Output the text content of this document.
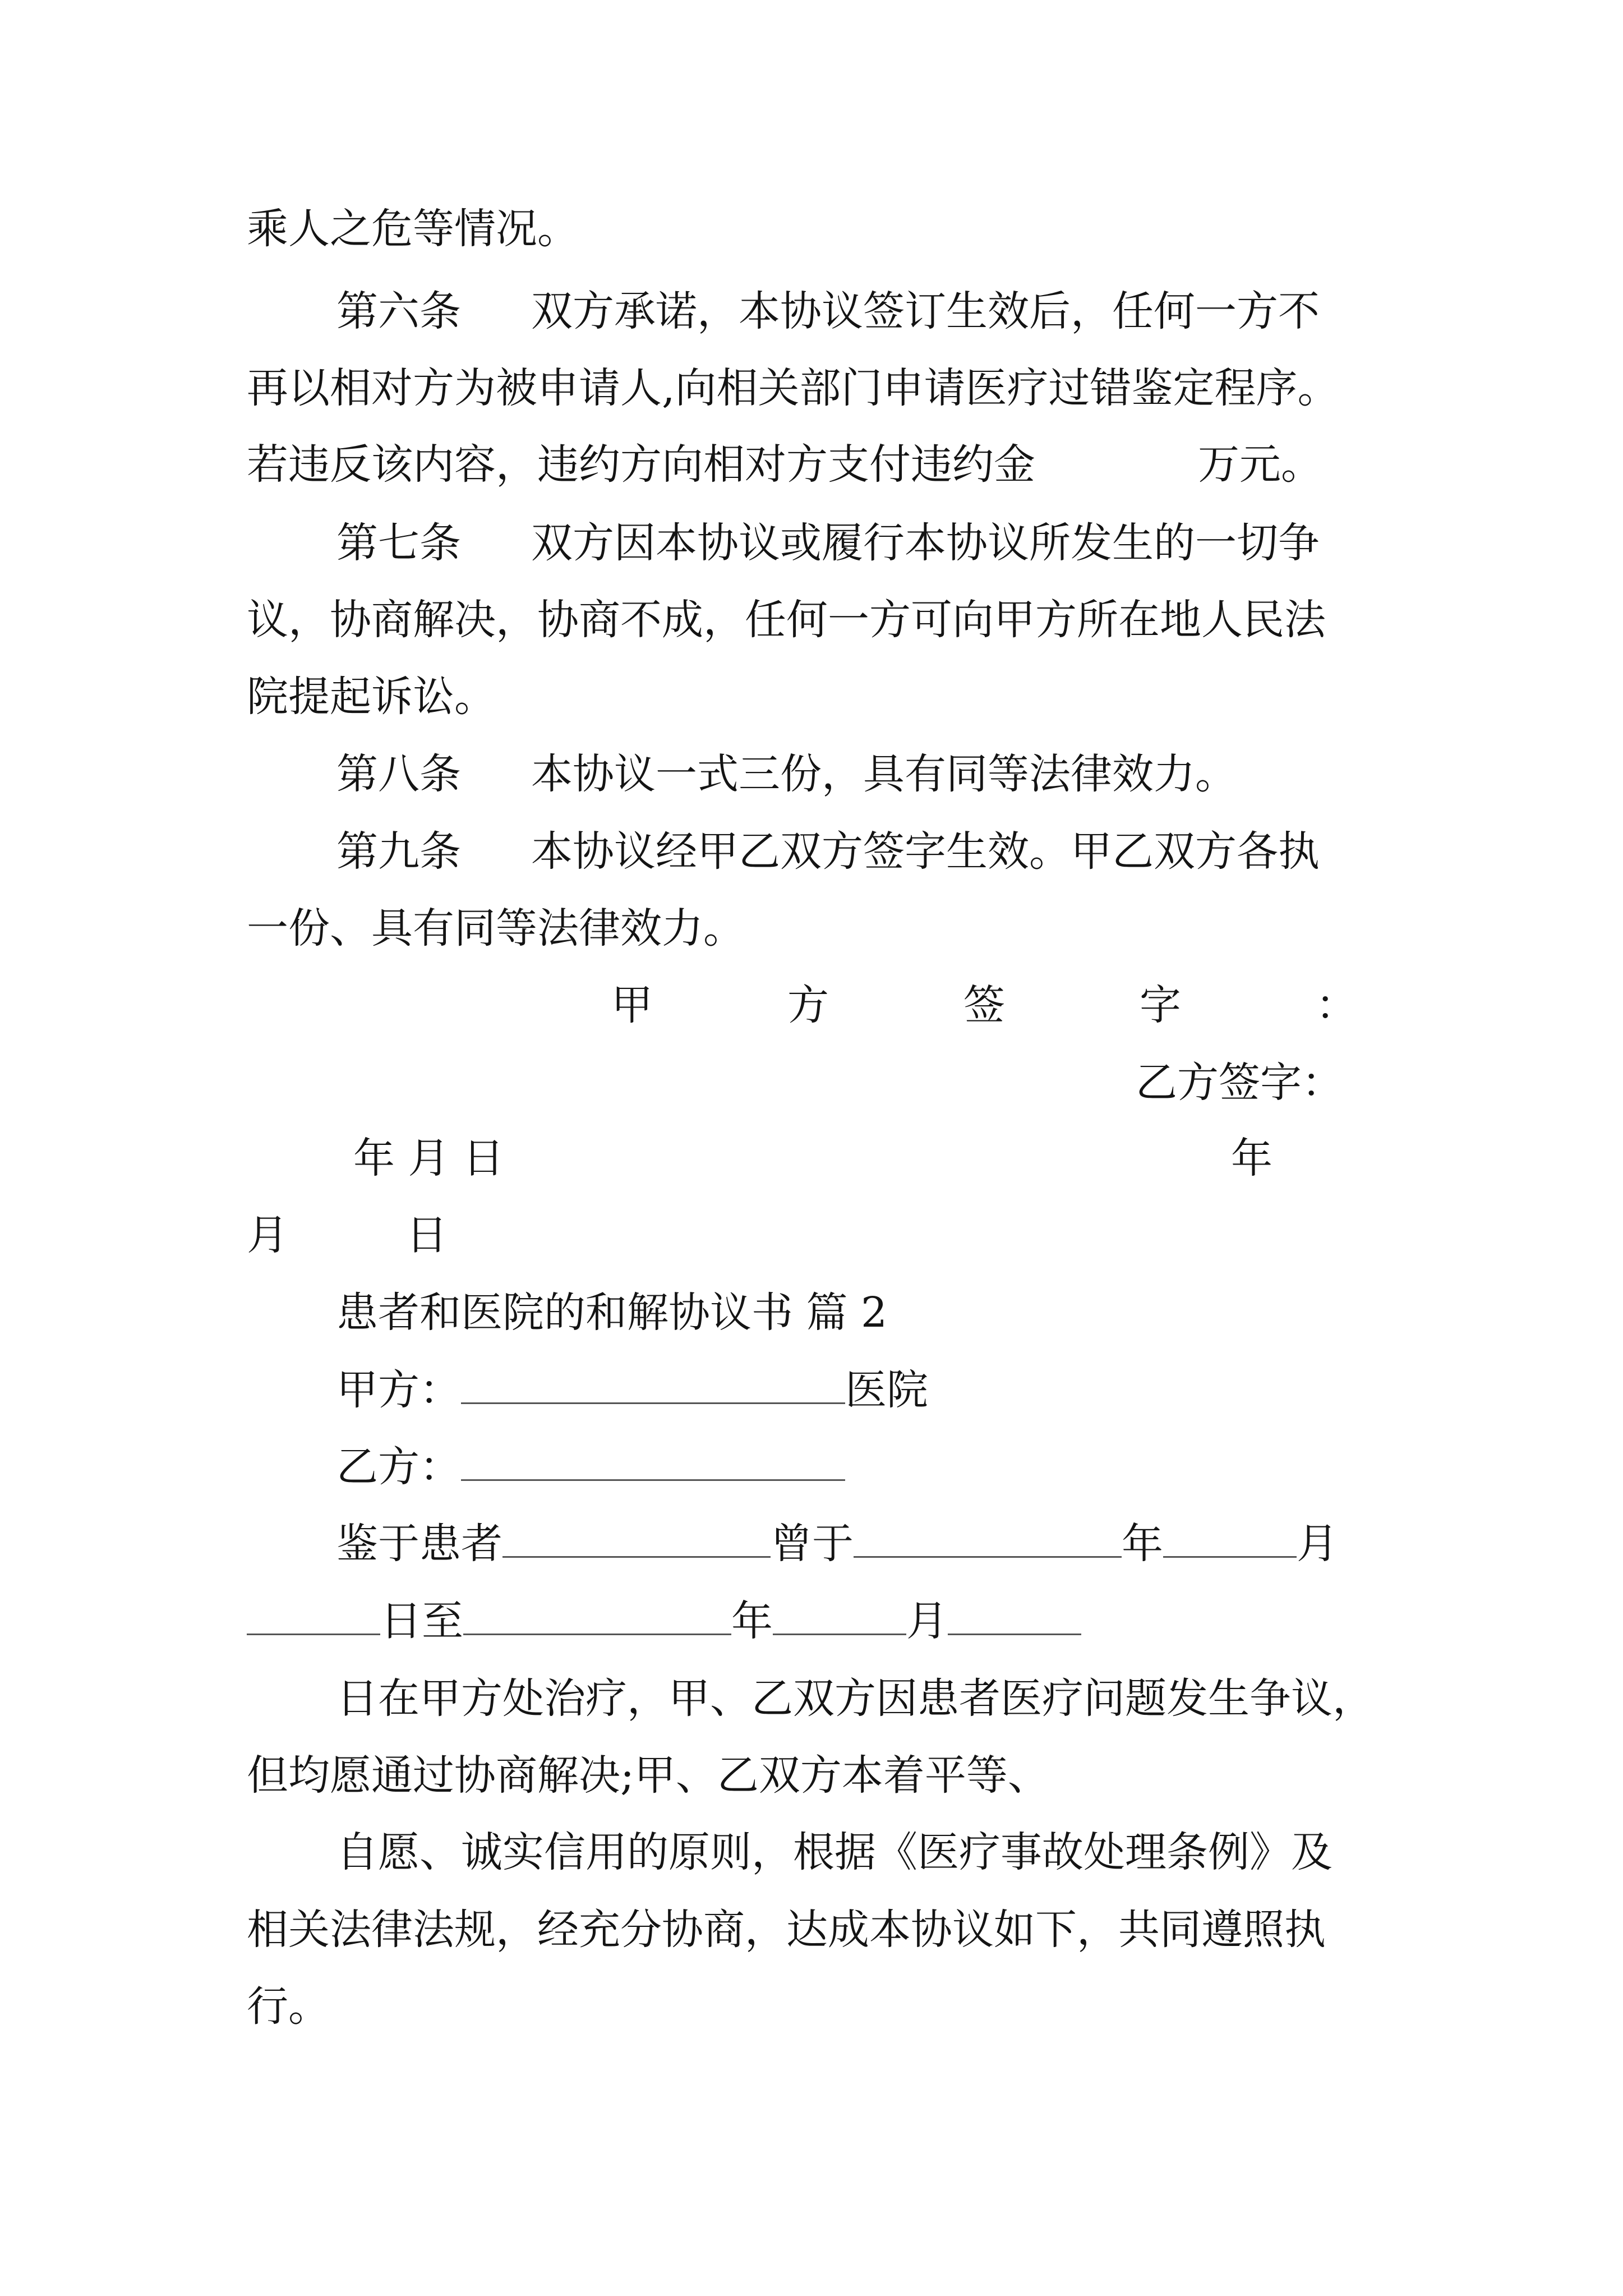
乘人之危等情况。

第六条 双方承诺，本协议签订生效后，任何一方不

再以相对方为被申请人,向相关部门申请医疗过错鉴定程序。

若违反该内容，违约方向相对方支付违约金	万元。

第七条 双方因本协议或履行本协议所发生的一切争

议，协商解决，协商不成，任何一方可向甲方所在地人民法

院提起诉讼。

第八条 本协议一式三份，具有同等法律效力。

第九条 本协议经甲乙双方签字生效。甲乙双方各执

一份、具有同等法律效力。

甲	方	签	字	：

乙方签字：

年 月 日	年

月	日

患者和医院的和解协议书 篇 2

甲方：	医院

乙方：

鉴于患者	曾于	年	月

日至	年	月

日在甲方处治疗，甲、乙双方因患者医疗问题发生争议，

但均愿通过协商解决;甲、乙双方本着平等、

自愿、诚实信用的原则，根据《医疗事故处理条例》及

相关法律法规，经充分协商，达成本协议如下，共同遵照执

行。
